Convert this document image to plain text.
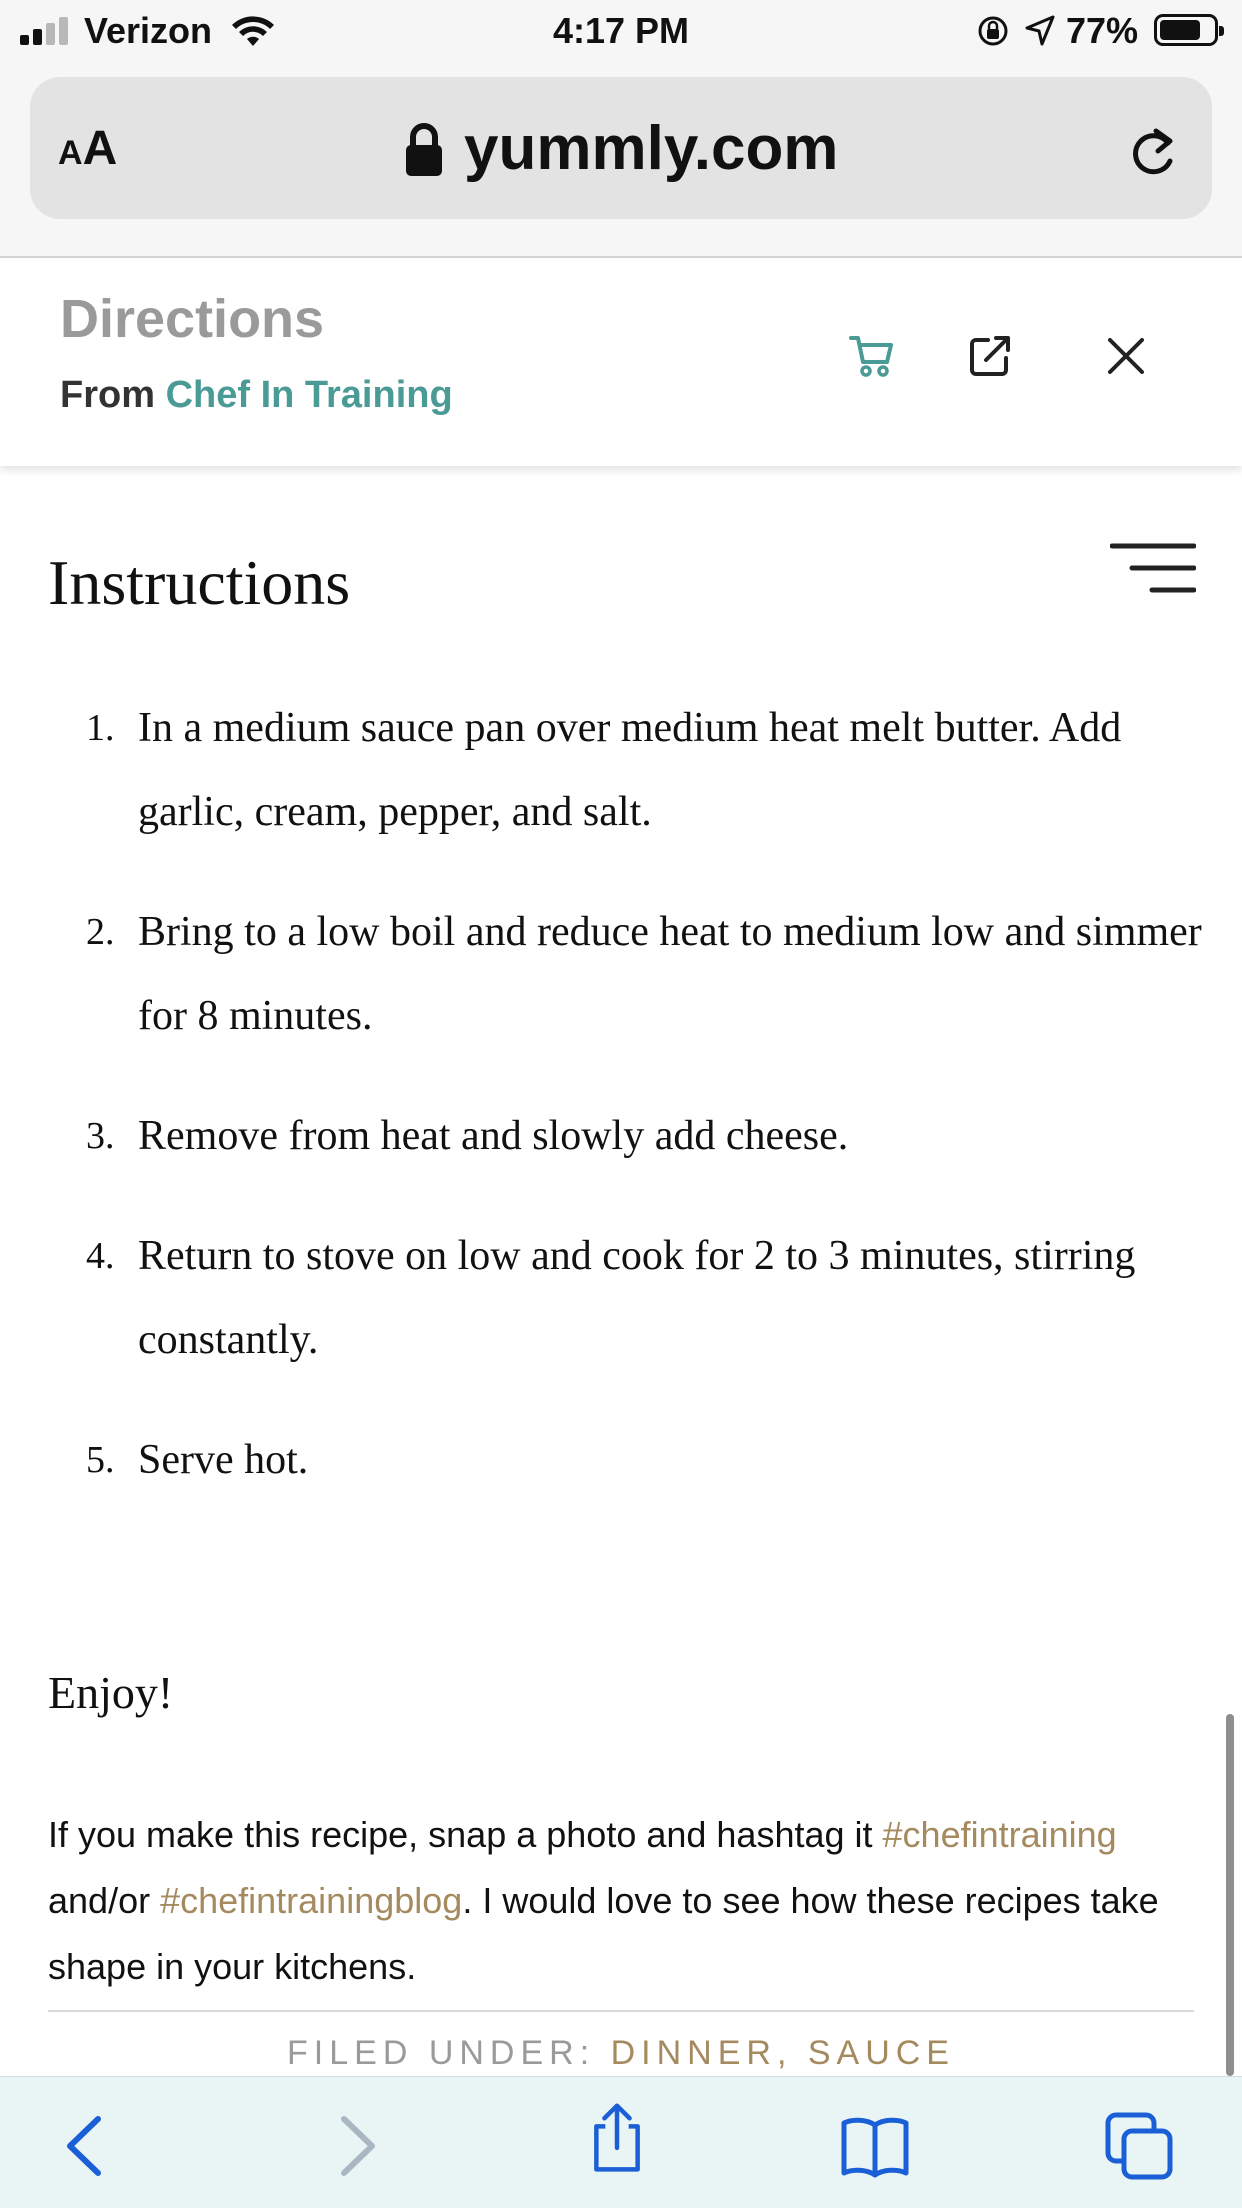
Verizon	4:17 PM	77%
AA	yummly.com
Directions
From Chef In Training
Instructions
1. In a medium sauce pan over medium heat melt butter. Add garlic, cream, pepper, and salt.
2. Bring to a low boil and reduce heat to medium low and simmer for 8 minutes.
3. Remove from heat and slowly add cheese.
4. Return to stove on low and cook for 2 to 3 minutes, stirring constantly.
5. Serve hot.
Enjoy!

If you make this recipe, snap a photo and hashtag it #chefintraining and/or #chefintrainingblog. I would love to see how these recipes take shape in your kitchens.

FILED UNDER: DINNER, SAUCE
